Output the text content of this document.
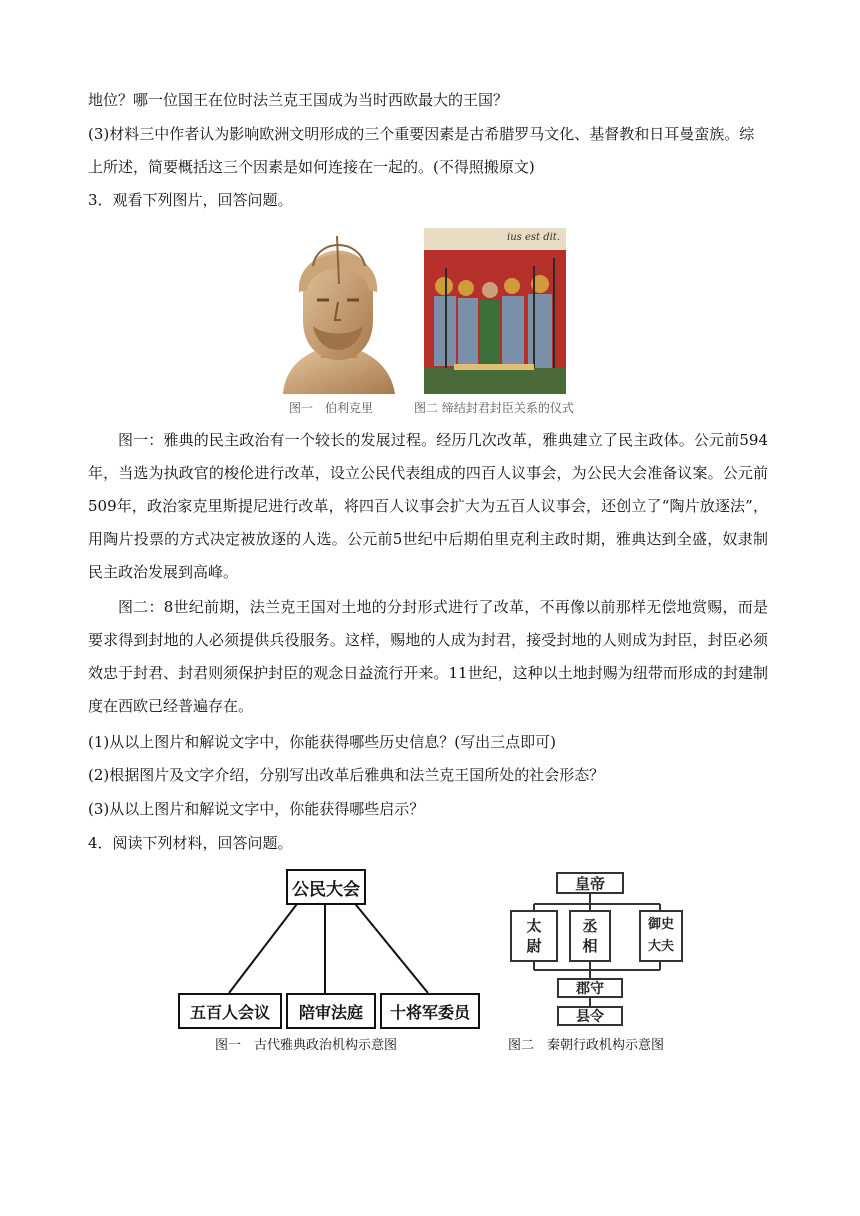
地位？哪一位国王在位时法兰克王国成为当时西欧最大的王国？
(3)材料三中作者认为影响欧洲文明形成的三个重要因素是古希腊罗马文化、基督教和日耳曼蛮族。综
上所述，简要概括这三个因素是如何连接在一起的。(不得照搬原文)
3．观看下列图片，回答问题。
ius est dit.
图一　伯利克里	图二 缔结封君封臣关系的仪式
图一：雅典的民主政治有一个较长的发展过程。经历几次改革，雅典建立了民主政体。公元前594年，当选为执政官的梭伦进行改革，设立公民代表组成的四百人议事会，为公民大会准备议案。公元前509年，政治家克里斯提尼进行改革，将四百人议事会扩大为五百人议事会，还创立了“陶片放逐法”，用陶片投票的方式决定被放逐的人选。公元前5世纪中后期伯里克利主政时期，雅典达到全盛，奴隶制民主政治发展到高峰。
图二：8世纪前期，法兰克王国对土地的分封形式进行了改革，不再像以前那样无偿地赏赐，而是要求得到封地的人必须提供兵役服务。这样，赐地的人成为封君，接受封地的人则成为封臣，封臣必须效忠于封君、封君则须保护封臣的观念日益流行开来。11世纪，这种以土地封赐为纽带而形成的封建制度在西欧已经普遍存在。
(1)从以上图片和解说文字中，你能获得哪些历史信息？(写出三点即可)
(2)根据图片及文字介绍，分别写出改革后雅典和法兰克王国所处的社会形态？
(3)从以上图片和解说文字中，你能获得哪些启示？
4．阅读下列材料，回答问题。
公民大会
五百人会议	陪审法庭	十将军委员
图一　古代雅典政治机构示意图
皇帝
太
尉
丞
相
御 史
大 夫
郡守
县令
图二　秦朝行政机构示意图
